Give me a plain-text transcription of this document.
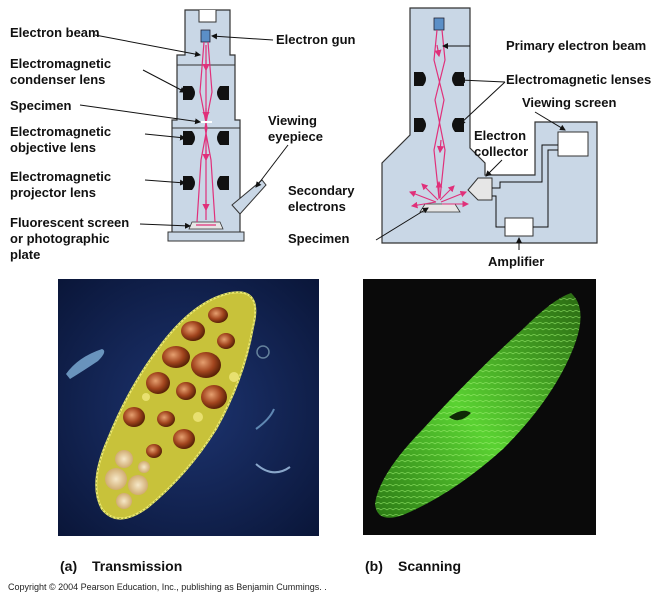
Electron beam
Electromagnetic
condenser lens
Specimen
Electromagnetic
objective lens
Electromagnetic
projector lens
Fluorescent screen
or photographic
plate
Electron gun
Viewing
eyepiece
Primary electron beam
Electromagnetic lenses
Viewing screen
Electron
collector
Secondary
electrons
Specimen
Amplifier
(a) Transmission	(b) Scanning
Copyright © 2004 Pearson Education, Inc., publishing as Benjamin Cummings. .
